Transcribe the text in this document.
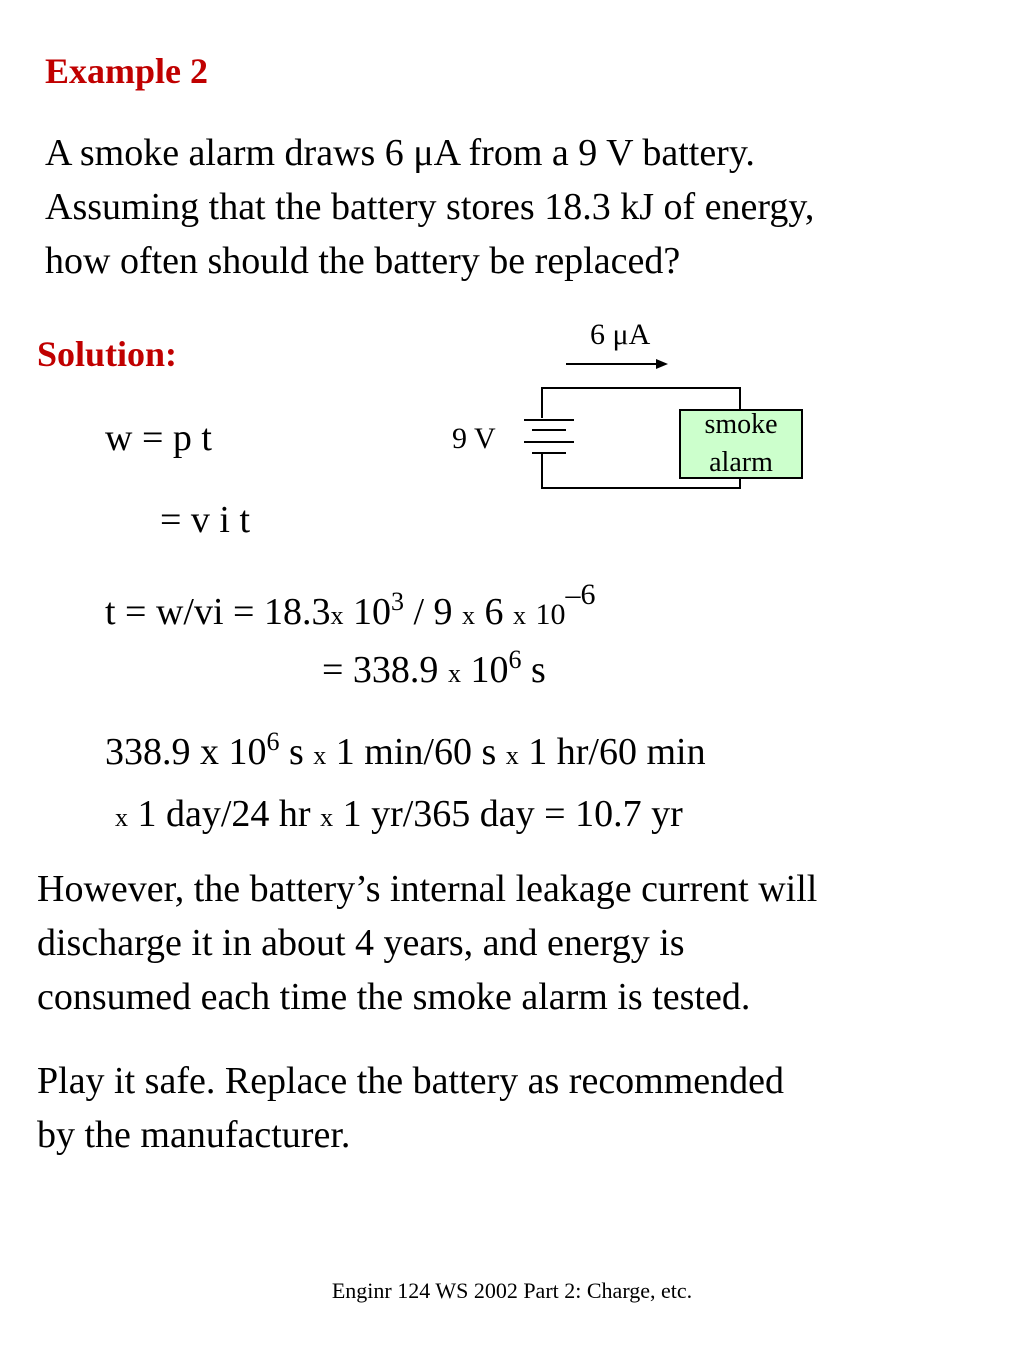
Example 2
A smoke alarm draws 6 μA from a 9 V battery.
Assuming that the battery stores 18.3 kJ of energy,
how often should the battery be replaced?
Solution:	6 μA
9 V	smoke
alarm
w = p t
= v i t
t = w/vi = 18.3x $10^3 / 9$ x 6 x $10^{-6}$
= 338.9 x $10^6$ s
338.9 x $10^6$ s x 1 min/60 s x 1 hr/60 min
x 1 day/24 hr x 1 yr/365 day = 10.7 yr
However, the battery’s internal leakage current will
discharge it in about 4 years, and energy is
consumed each time the smoke alarm is tested.
Play it safe. Replace the battery as recommended
by the manufacturer.
Enginr 124 WS 2002 Part 2: Charge, etc.
